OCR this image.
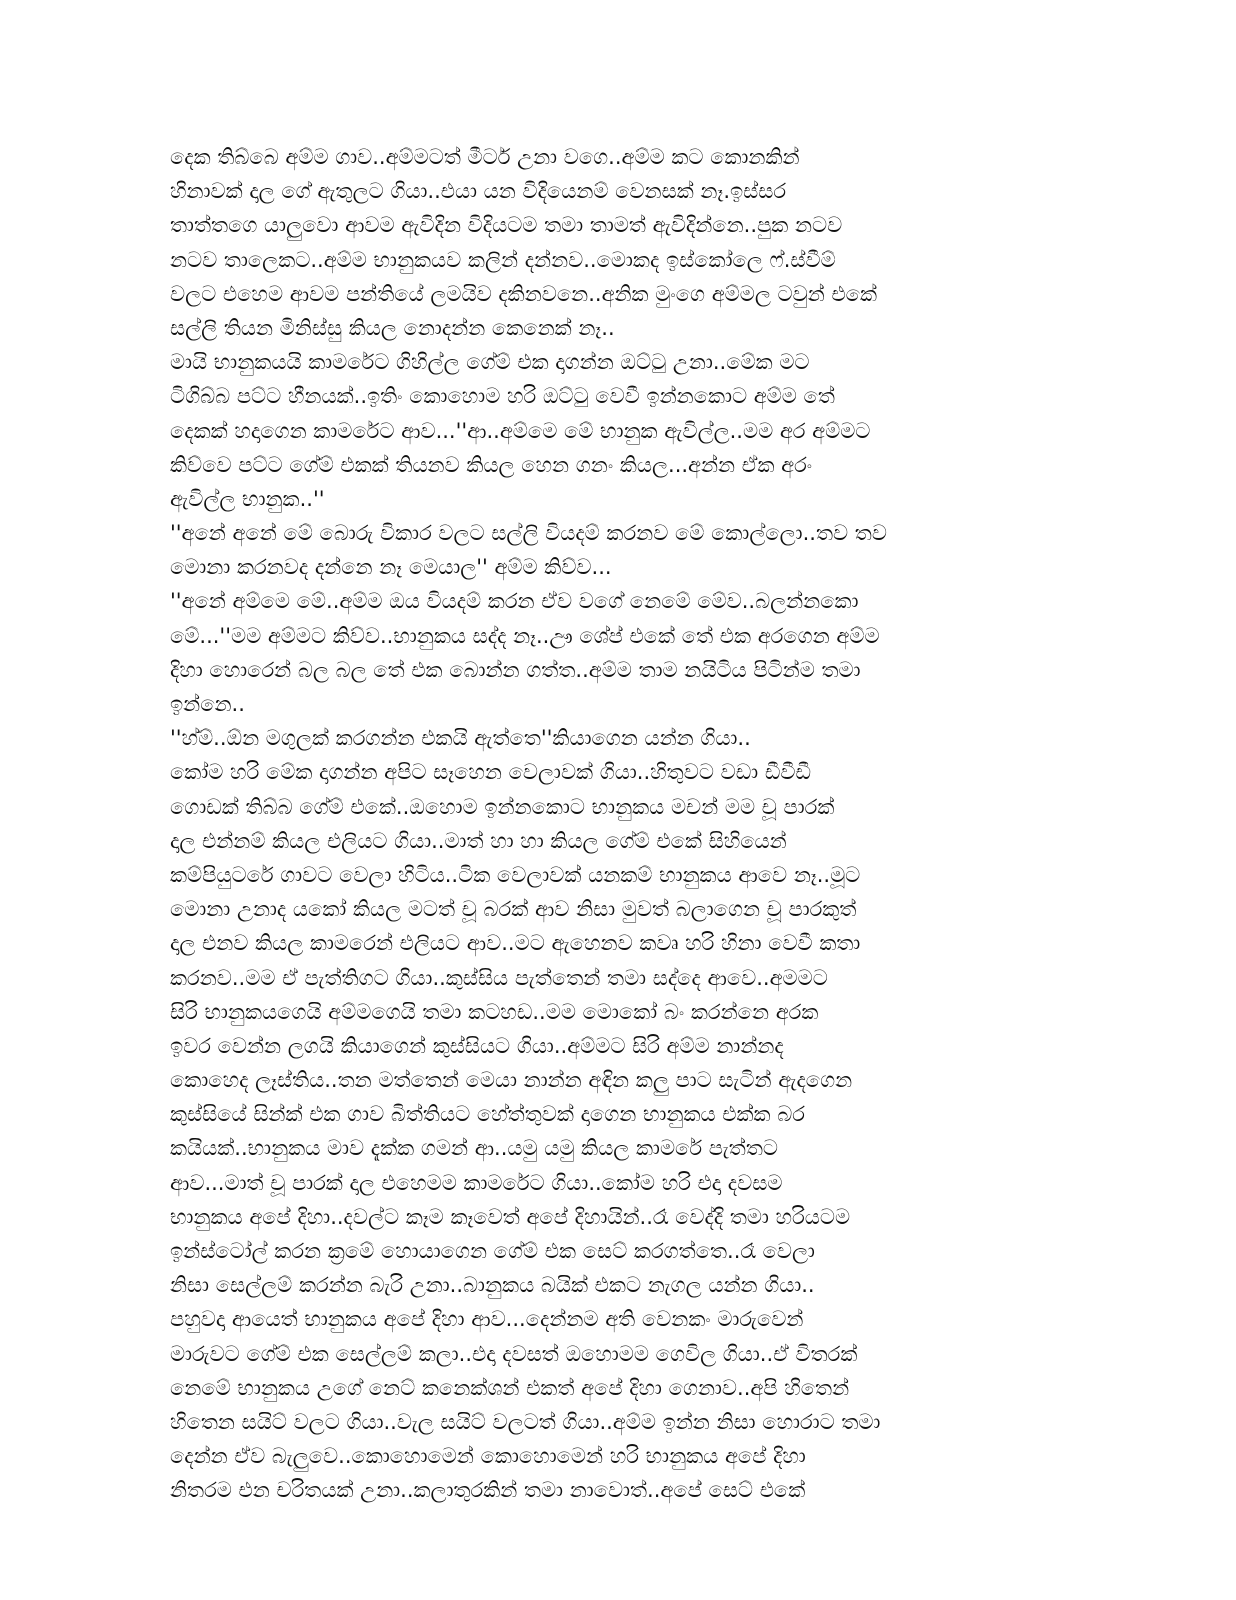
දෙක තිබ්බෙ අම්ම ගාව..අම්මටත් මීටර් උනා වගෙ..අම්ම කට කොනකින්
හිනාවක් දාල ගේ ඇතුලට ගියා..එයා යන විදියෙනම් වෙනසක් නෑ.ඉස්සර
තාත්තගෙ යාලුවො ආවම ඇවිදින විදියටම තමා තාමත් ඇවිදින්නෙ..පුක නටව
නටව තාලෙකට..අම්ම භානුකයව කලින් දන්නව..මොකද ඉස්කෝලෙ ෆ්.ස්වීම්
වලට එහෙම ආවම පන්තියේ ලමයිව දකිනවනෙ..අනික මුංගෙ අම්මල ටවුන් එකේ
සල්ලි තියන මිනිස්සු කියල නොදන්න කෙනෙක් නෑ..
මායි භානුකයයි කාමරේට ගිහිල්ල ගේම් එක දාගන්න ඔට්ටු උනා..මේක මට
ටිගිබ්බ පට්ට හීනයක්..ඉතිං කොහොම හරි ඔට්ටු වෙවී ඉන්නකොට අම්ම තේ
දෙකක් හදාගෙන කාමරේට ආව...''ආ..අම්මෙ මේ භානුක ඇවිල්ල..මම අර අම්මට
කිව්වෙ පට්ට ගේම් එකක් තියනව කියල හෙන ගනං කියල...අන්න ඒක අරං
ඇවිල්ල භානුක..''
''අනේ අනේ මේ බොරු විකාර වලට සල්ලි වියදම් කරනව මේ කොල්ලො..තව තව
මොනා කරනවද දන්නෙ නෑ මෙයාල'' අම්ම කිව්ව...
''අනේ අම්මෙ මේ..අම්ම ඔය වියදම් කරන ඒව වගේ නෙමේ මේව..බලන්නකො
මේ...''මම අම්මට කිව්ව..භානුකය සද්ද නෑ..ඌ ශේප් එකේ තේ එක අරගෙන අම්ම
දිහා හොරෙන් බල බල තේ එක බොන්න ගත්ත..අම්ම තාම නයිටිය පිටින්ම තමා
ඉන්නෙ..
''හ්ම්..ඕන මගුලක් කරගන්න එකයි ඇත්තෙ''කියාගෙන යන්න ගියා..
කෝම හරි මේක දාගන්න අපිට සෑහෙන වෙලාවක් ගියා..හිතුවට වඩා ඩීවීඩී
ගොඩක් තිබ්බ ගේම් එකේ..ඔහොම ඉන්නකොට භානුකය මචන් මම චූ පාරක්
දාල එන්නම් කියල එලියට ගියා..මාත් හා හා කියල ගේම් එකේ සිහියෙන්
කම්පියුටරේ ගාවට වෙලා හිටිය..ටික වෙලාවක් යනකම් භානුකය ආවෙ නෑ..මූට
මොනා උනාද යකෝ කියල මටත් චූ බරක් ආව නිසා මුවත් බලාගෙන චූ පාරකුත්
දාල එනව කියල කාමරෙන් එලියට ආව..මට ඇහෙනව කවෘ හරි හිනා වෙවී කතා
කරනව..මම ඒ පැත්තිගට ගියා..කුස්සිය පැත්තෙන් තමා සද්දෙ ආවෙ..අමමට
සිරි භානුකයගෙයි අම්මගෙයි තමා කටහඩ..මම මොකෝ බං කරන්නෙ අරක
ඉවර වෙන්න ලගයි කියාගෙන් කුස්සියට ගියා..අම්මට සිරි අම්ම නාන්නද
කොහෙද ලෑස්තිය..තන මත්තෙන් මෙයා නාන්න අඳින කලු පාට සැටින් ඇදගෙන
කුස්සියේ සින්ක් එක ගාව බිත්තියට හේත්තුවක් දාගෙන භානුකය එක්ක බර
කයියක්..භානුකය මාව දැක්ක ගමන් ආ..යමු යමු කියල කාමරේ පැත්තට
ආව...මාත් චූ පාරක් දාල එහෙමම කාමරේට ගියා..කෝම හරි එදා දවසම
භානුකය අපේ දිහා..දවල්ට කෑම කෑවෙත් අපේ දිහායින්..රෑ වෙද්දි තමා හරියටම
ඉන්ස්ටෝල් කරන ක්‍රමේ හොයාගෙන ගේම් එක සෙට් කරගත්තෙ..රෑ වෙලා
නිසා සෙල්ලම් කරන්න බැරි උනා..බානුකය බයික් එකට නැගල යන්න ගියා..
පහුවදා ආයෙත් භානුකය අපේ දිහා ආව...දෙන්නම අති වෙනකං මාරුවෙන්
මාරුවට ගේම් එක සෙල්ලම් කලා..එදා දවසත් ඔහොමම ගෙවිල ගියා..ඒ විතරක්
නෙමේ භානුකය උගේ නෙට් කනෙක්ශන් එකත් අපේ දිහා ගෙනාව..අපි හිතෙන්
හිතෙන සයිට් වලට ගියා..වැල සයිට් වලටත් ගියා..අම්ම ඉන්න නිසා හොරාට තමා
දෙන්න ඒව බැලුවෙ..කොහොමෙන් කොහොමෙන් හරි භානුකය අපේ දිහා
නිතරම එන චරිතයක් උනා..කලාතුරකින් තමා නාවොත්..අපේ සෙට් එකේ
